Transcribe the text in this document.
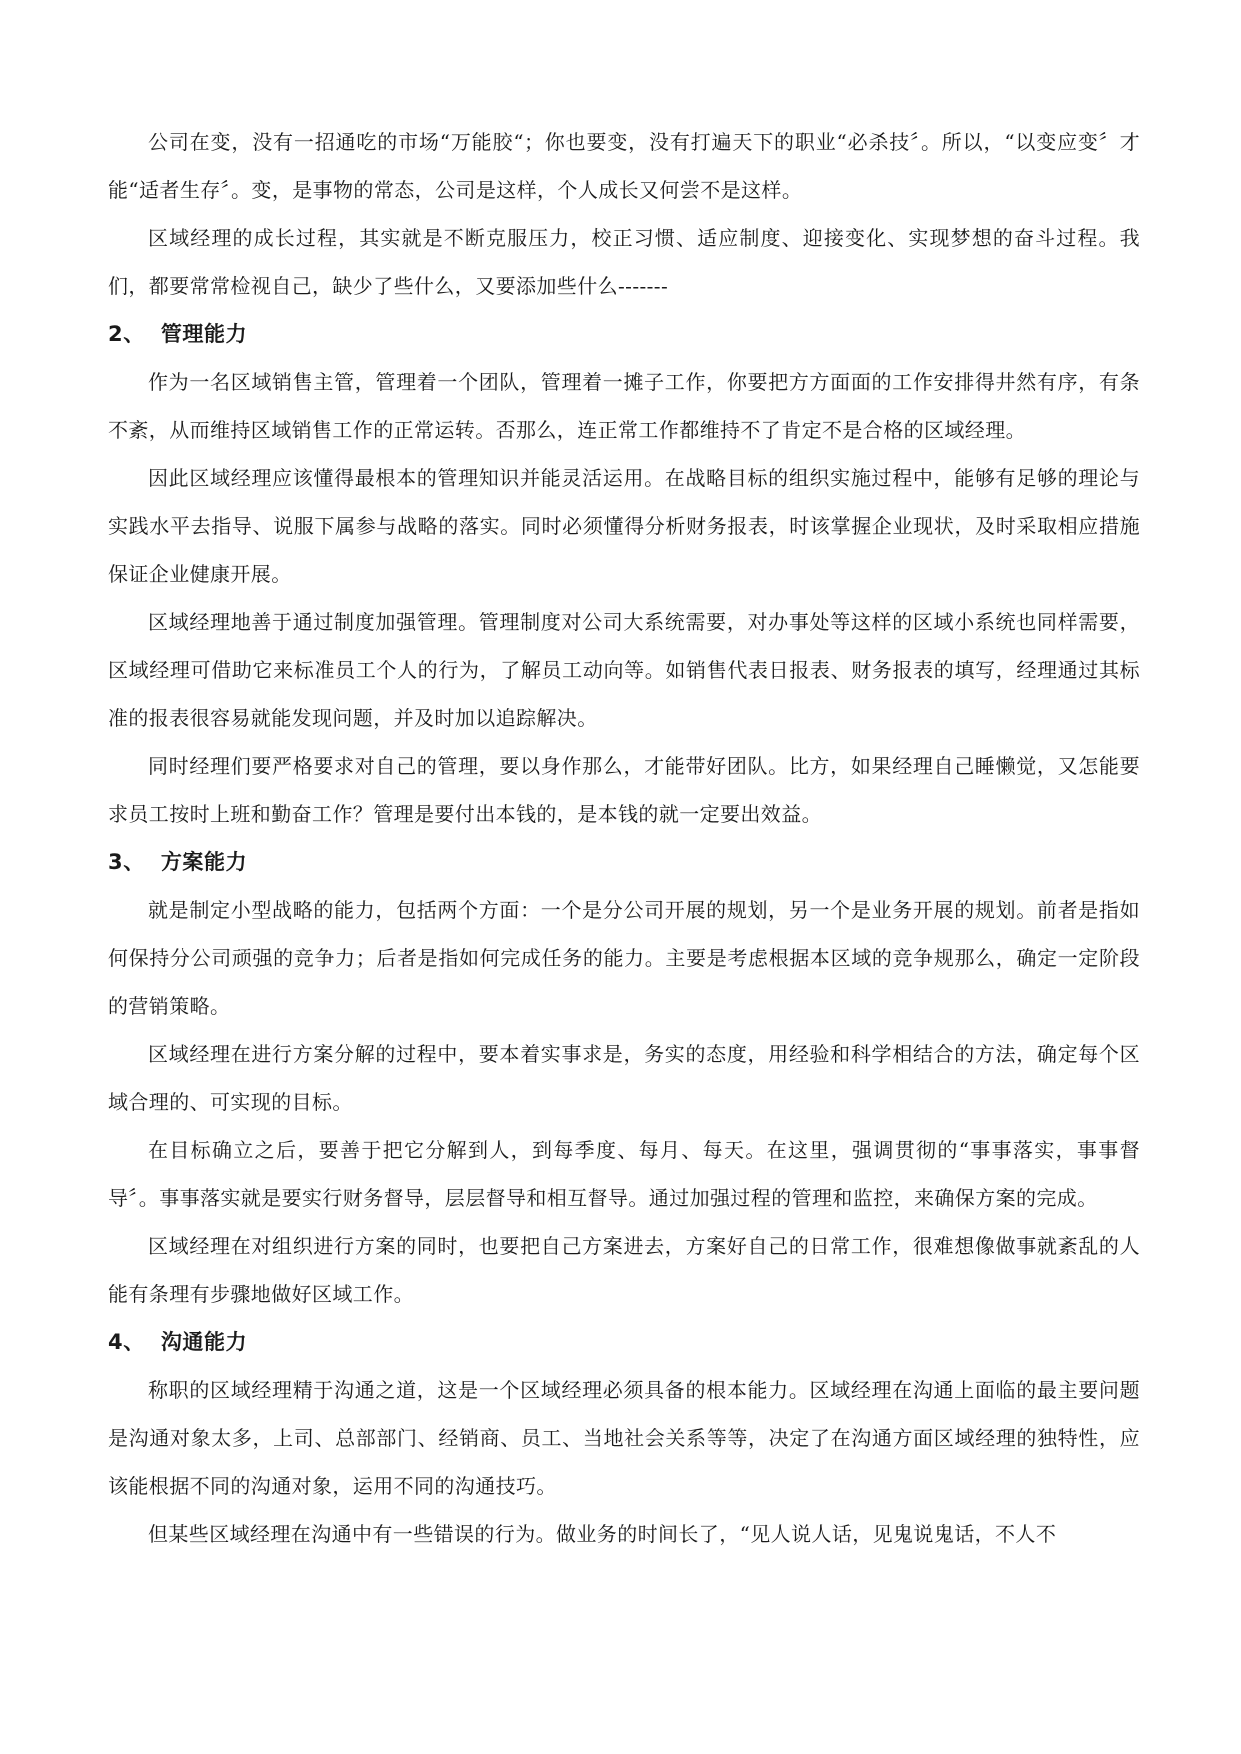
公司在变，没有一招通吃的市场“万能胶“；你也要变，没有打遍天下的职业“必杀技〞。所以，“以变应变〞才能“适者生存〞。变，是事物的常态，公司是这样，个人成长又何尝不是这样。

区域经理的成长过程，其实就是不断克服压力，校正习惯、适应制度、迎接变化、实现梦想的奋斗过程。我们，都要常常检视自己，缺少了些什么，又要添加些什么-------

2、 管理能力

作为一名区域销售主管，管理着一个团队，管理着一摊子工作，你要把方方面面的工作安排得井然有序，有条不紊，从而维持区域销售工作的正常运转。否那么，连正常工作都维持不了肯定不是合格的区域经理。

因此区域经理应该懂得最根本的管理知识并能灵活运用。在战略目标的组织实施过程中，能够有足够的理论与实践水平去指导、说服下属参与战略的落实。同时必须懂得分析财务报表，时该掌握企业现状，及时采取相应措施保证企业健康开展。

区域经理地善于通过制度加强管理。管理制度对公司大系统需要，对办事处等这样的区域小系统也同样需要，区域经理可借助它来标准员工个人的行为，了解员工动向等。如销售代表日报表、财务报表的填写，经理通过其标准的报表很容易就能发现问题，并及时加以追踪解决。

同时经理们要严格要求对自己的管理，要以身作那么，才能带好团队。比方，如果经理自己睡懒觉，又怎能要求员工按时上班和勤奋工作？管理是要付出本钱的，是本钱的就一定要出效益。

3、 方案能力

就是制定小型战略的能力，包括两个方面：一个是分公司开展的规划，另一个是业务开展的规划。前者是指如何保持分公司顽强的竞争力；后者是指如何完成任务的能力。主要是考虑根据本区域的竞争规那么，确定一定阶段的营销策略。

区域经理在进行方案分解的过程中，要本着实事求是，务实的态度，用经验和科学相结合的方法，确定每个区域合理的、可实现的目标。

在目标确立之后，要善于把它分解到人，到每季度、每月、每天。在这里，强调贯彻的“事事落实，事事督导〞。事事落实就是要实行财务督导，层层督导和相互督导。通过加强过程的管理和监控，来确保方案的完成。

区域经理在对组织进行方案的同时，也要把自己方案进去，方案好自己的日常工作，很难想像做事就紊乱的人能有条理有步骤地做好区域工作。

4、 沟通能力

称职的区域经理精于沟通之道，这是一个区域经理必须具备的根本能力。区域经理在沟通上面临的最主要问题是沟通对象太多，上司、总部部门、经销商、员工、当地社会关系等等，决定了在沟通方面区域经理的独特性，应该能根据不同的沟通对象，运用不同的沟通技巧。

但某些区域经理在沟通中有一些错误的行为。做业务的时间长了，“见人说人话，见鬼说鬼话，不人不
